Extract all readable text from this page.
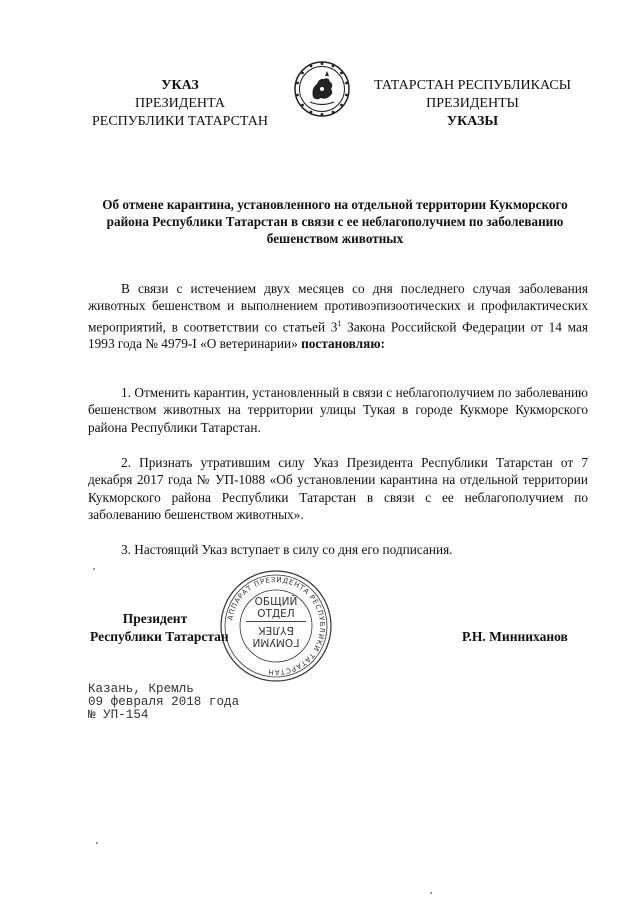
УКАЗ
ПРЕЗИДЕНТА
РЕСПУБЛИКИ ТАТАРСТАН
ТАТАРСТАН РЕСПУБЛИКАСЫ
ПРЕЗИДЕНТЫ
УКАЗЫ
Об отмене карантина, установленного на отдельной территории Кукморского района Республики Татарстан в связи с ее неблагополучием по заболеванию бешенством животных
В связи с истечением двух месяцев со дня последнего случая заболевания животных бешенством и выполнением противоэпизоотических и профилактических мероприятий, в соответствии со статьей $3^1$ Закона Российской Федерации от 14 мая 1993 года № 4979-I «О ветеринарии» постановляю:
1. Отменить карантин, установленный в связи с неблагополучием по заболеванию бешенством животных на территории улицы Тукая в городе Кукморе Кукморского района Республики Татарстан.
2. Признать утратившим силу Указ Президента Республики Татарстан от 7 декабря 2017 года № УП-1088 «Об установлении карантина на отдельной территории Кукморского района Республики Татарстан в связи с ее неблагополучием по заболеванию бешенством животных».
3. Настоящий Указ вступает в силу со дня его подписания.
АППАРАТ ПРЕЗИДЕНТА РЕСПУБЛИКИ ТАТАРСТАН
ОБЩИЙ
ОТДЕЛ
ГОМУМИ
БҮЛЕК
Президент
Республики Татарстан	Р.Н. Минниханов
Казань, Кремль
09 февраля 2018 года
№ УП-154
